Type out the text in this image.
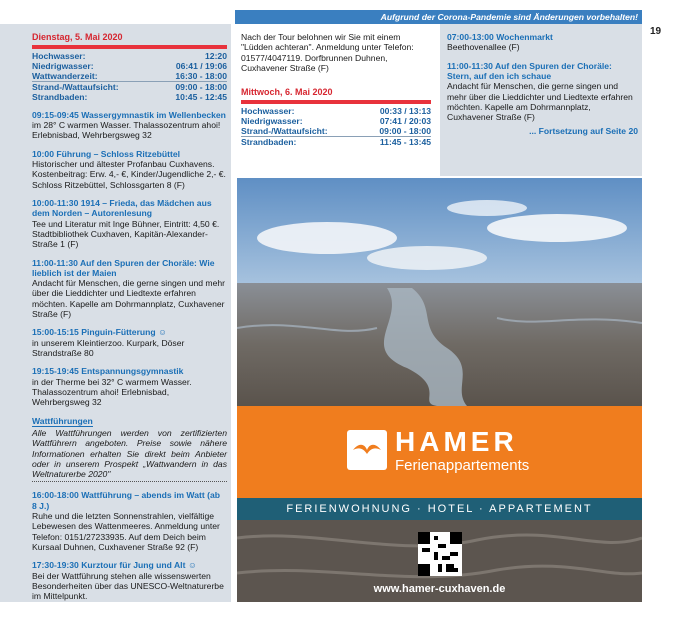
Aufgrund der Corona-Pandemie sind Änderungen vorbehalten!
19
Dienstag, 5. Mai 2020
Hochwasser:	12:20
Niedrigwasser:	06:41 / 19:06
Wattwanderzeit:	16:30 - 18:00
Strand-/Wattaufsicht:	09:00 - 18:00
Strandbaden:	10:45 - 12:45
09:15-09:45 Wassergymnastik im Wellenbecken
im 28° C warmen Wasser. Thalassozentrum ahoi! Erlebnisbad, Wehrbergsweg 32
10:00 Führung – Schloss Ritzebüttel
Historischer und ältester Profanbau Cuxhavens. Kostenbeitrag: Erw. 4,- €, Kinder/Jugendliche 2,- €. Schloss Ritzebüttel, Schlossgarten 8 (F)
10:00-11:30 1914 – Frieda, das Mädchen aus dem Norden – Autorenlesung
Tee und Literatur mit Inge Bühner, Eintritt: 4,50 €. Stadtbibliothek Cuxhaven, Kapitän-Alexander-Straße 1 (F)
11:00-11:30 Auf den Spuren der Choräle: Wie lieblich ist der Maien
Andacht für Menschen, die gerne singen und mehr über die Lieddichter und Liedtexte erfahren möchten. Kapelle am Dohrmannplatz, Cuxhavener Straße (F)
15:00-15:15 Pinguin-Fütterung ☺
in unserem Kleintierzoo. Kurpark, Döser Strandstraße 80
19:15-19:45 Entspannungsgymnastik
in der Therme bei 32° C warmem Wasser. Thalassozentrum ahoi! Erlebnisbad, Wehrbergsweg 32
Wattführungen
Alle Wattführungen werden von zertifizierten Wattführern angeboten. Preise sowie nähere Informationen erhalten Sie direkt beim Anbieter oder in unserem Prospekt „Wattwandern in das Weltnaturerbe 2020"
16:00-18:00 Wattführung – abends im Watt (ab 8 J.)
Ruhe und die letzten Sonnenstrahlen, vielfältige Lebewesen des Wattenmeeres. Anmeldung unter Telefon: 0151/27233935. Auf dem Deich beim Kursaal Duhnen, Cuxhavener Straße 92 (F)
17:30-19:30 Kurztour für Jung und Alt ☺
Bei der Wattführung stehen alle wissenswerten Besonderheiten über das UNESCO-Weltnaturerbe im Mittelpunkt.
Nach der Tour belohnen wir Sie mit einem "Lüdden achteran". Anmeldung unter Telefon: 01577/4047119. Dorfbrunnen Duhnen, Cuxhavener Straße (F)
Mittwoch, 6. Mai 2020
Hochwasser:	00:33 / 13:13
Niedrigwasser:	07:41 / 20:03
Strand-/Wattaufsicht:	09:00 - 18:00
Strandbaden:	11:45 - 13:45
07:00-13:00 Wochenmarkt
Beethovenallee (F)
11:00-11:30 Auf den Spuren der Choräle: Stern, auf den ich schaue
Andacht für Menschen, die gerne singen und mehr über die Lieddichter und Liedtexte erfahren möchten. Kapelle am Dohrmannplatz, Cuxhavener Straße (F)
... Fortsetzung auf Seite 20
HAMER
Ferienappartements
FERIENWOHNUNG · HOTEL · APPARTEMENT
www.hamer-cuxhaven.de
